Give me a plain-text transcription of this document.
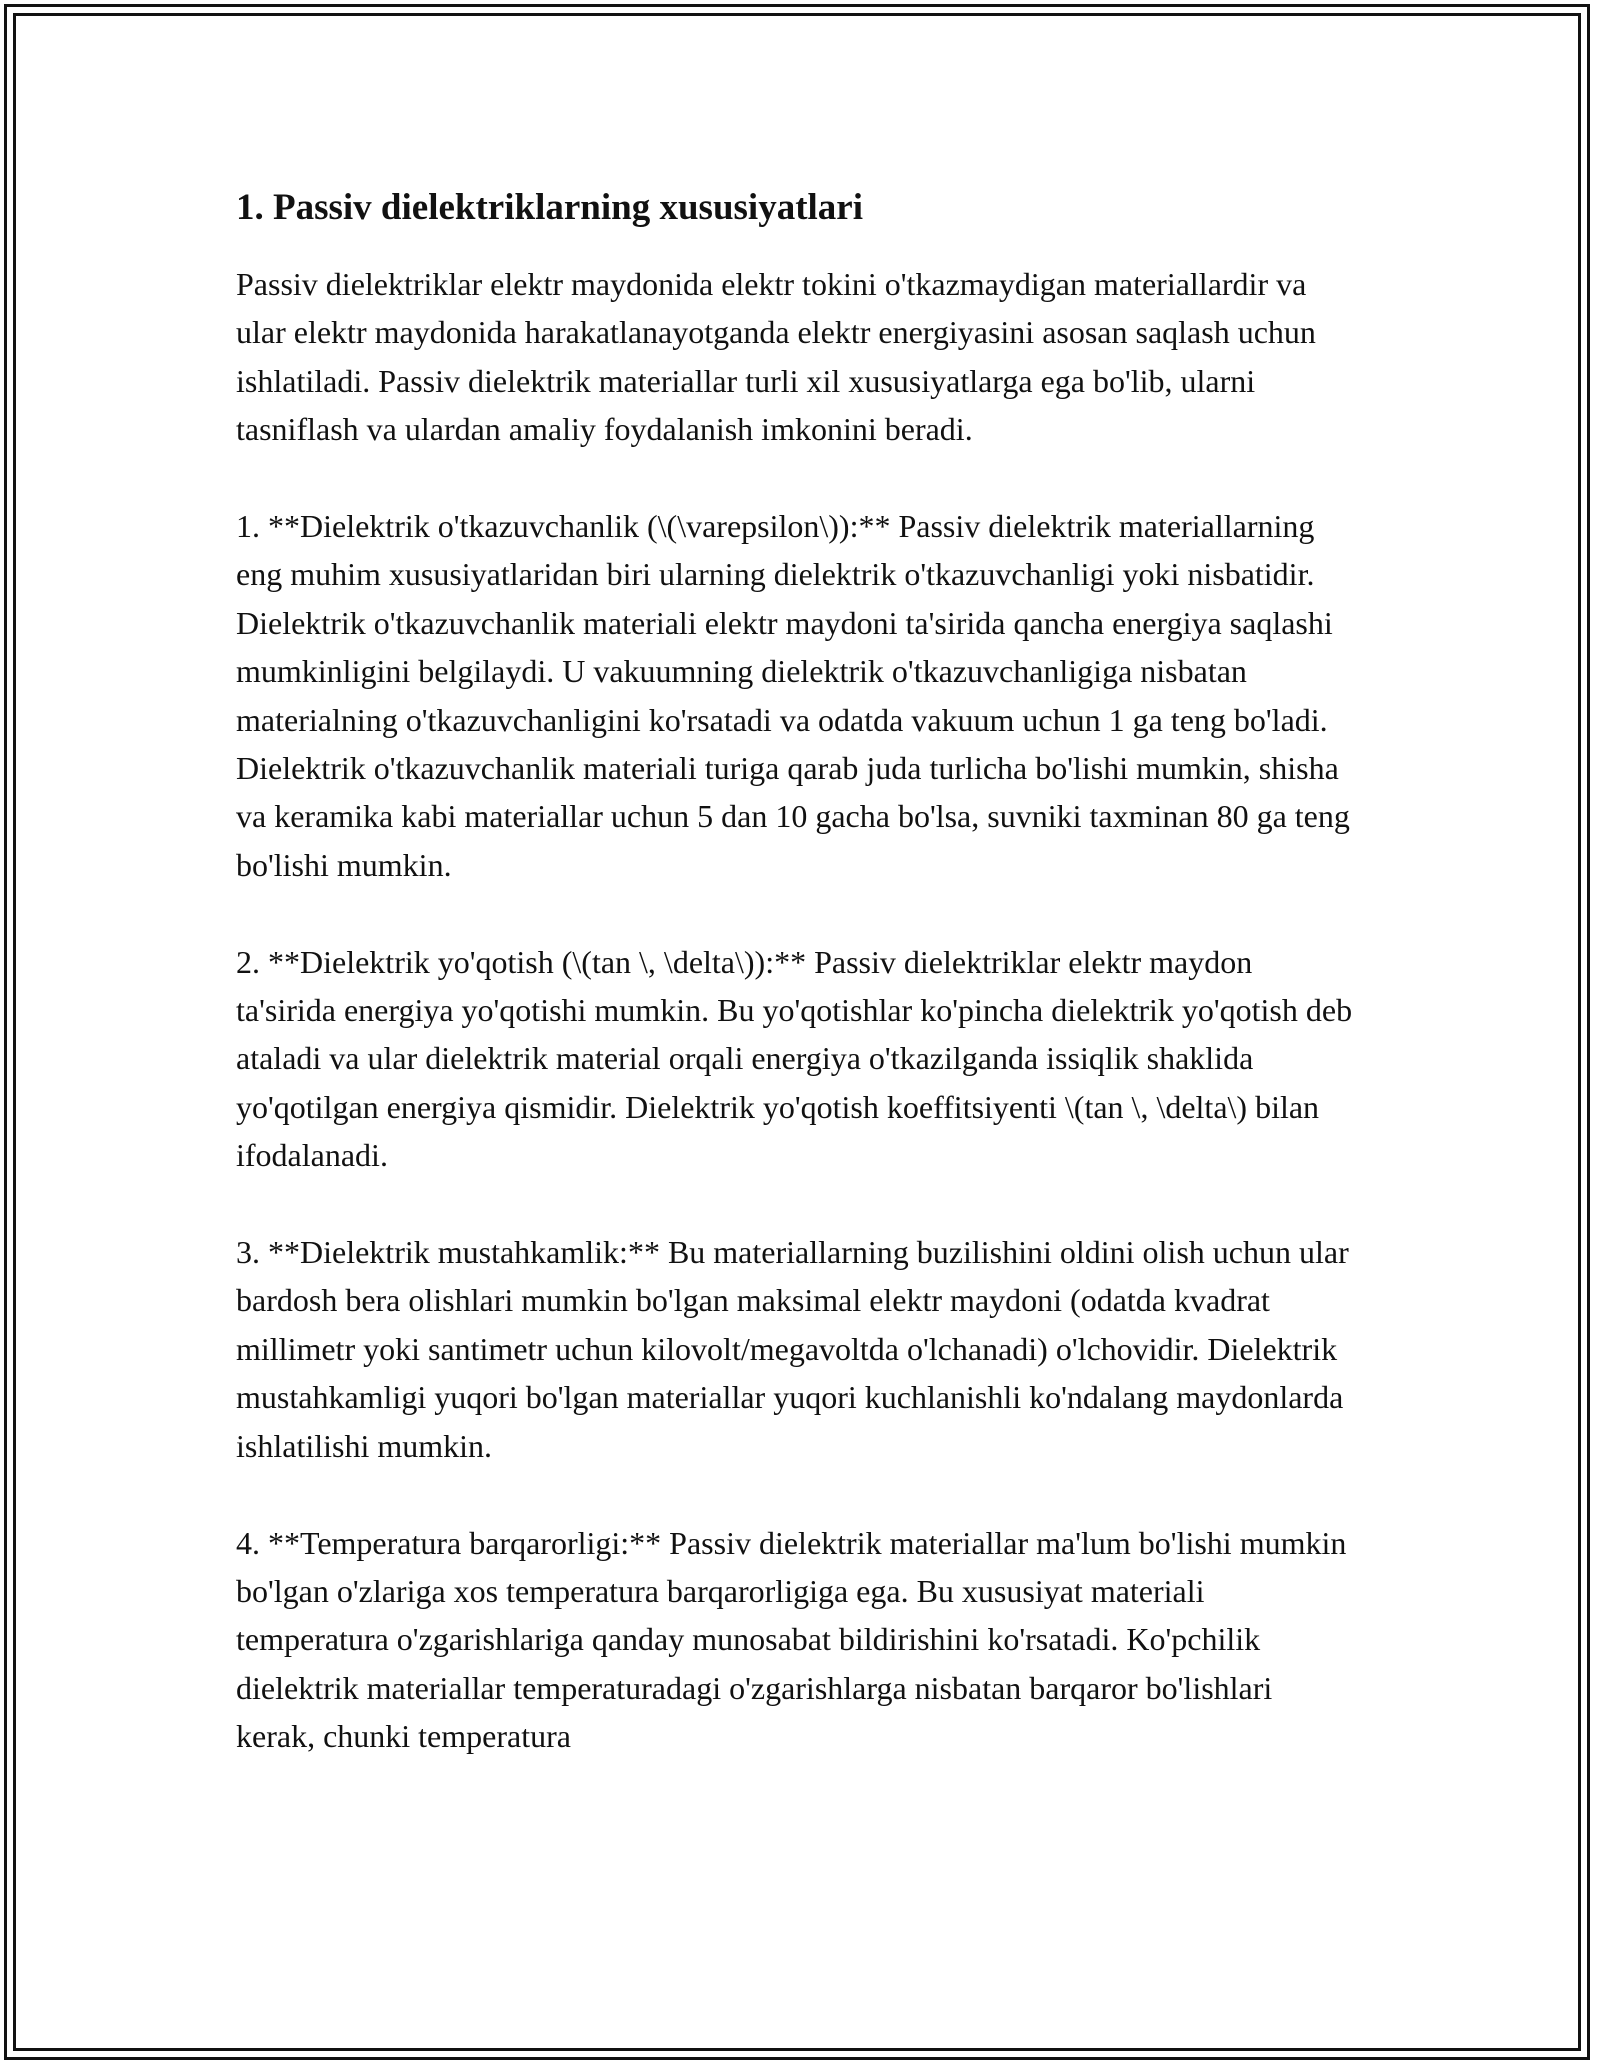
1. Passiv dielektriklarning xususiyatlari

Passiv dielektriklar elektr maydonida elektr tokini o'tkazmaydigan materiallardir va ular elektr maydonida harakatlanayotganda elektr energiyasini asosan saqlash uchun ishlatiladi. Passiv dielektrik materiallar turli xil xususiyatlarga ega bo'lib, ularni tasniflash va ulardan amaliy foydalanish imkonini beradi.

1. **Dielektrik o'tkazuvchanlik (\(\varepsilon\)):** Passiv dielektrik materiallarning eng muhim xususiyatlaridan biri ularning dielektrik o'tkazuvchanligi yoki nisbatidir. Dielektrik o'tkazuvchanlik materiali elektr maydoni ta'sirida qancha energiya saqlashi mumkinligini belgilaydi. U vakuumning dielektrik o'tkazuvchanligiga nisbatan materialning o'tkazuvchanligini ko'rsatadi va odatda vakuum uchun 1 ga teng bo'ladi. Dielektrik o'tkazuvchanlik materiali turiga qarab juda turlicha bo'lishi mumkin, shisha va keramika kabi materiallar uchun 5 dan 10 gacha bo'lsa, suvniki taxminan 80 ga teng bo'lishi mumkin.

2. **Dielektrik yo'qotish (\(tan \, \delta\)):** Passiv dielektriklar elektr maydon ta'sirida energiya yo'qotishi mumkin. Bu yo'qotishlar ko'pincha dielektrik yo'qotish deb ataladi va ular dielektrik material orqali energiya o'tkazilganda issiqlik shaklida yo'qotilgan energiya qismidir. Dielektrik yo'qotish koeffitsiyenti \(tan \, \delta\) bilan ifodalanadi.

3. **Dielektrik mustahkamlik:** Bu materiallarning buzilishini oldini olish uchun ular bardosh bera olishlari mumkin bo'lgan maksimal elektr maydoni (odatda kvadrat millimetr yoki santimetr uchun kilovolt/megavoltda o'lchanadi) o'lchovidir. Dielektrik mustahkamligi yuqori bo'lgan materiallar yuqori kuchlanishli ko'ndalang maydonlarda ishlatilishi mumkin.

4. **Temperatura barqarorligi:** Passiv dielektrik materiallar ma'lum bo'lishi mumkin bo'lgan o'zlariga xos temperatura barqarorligiga ega. Bu xususiyat materiali temperatura o'zgarishlariga qanday munosabat bildirishini ko'rsatadi. Ko'pchilik dielektrik materiallar temperaturadagi o'zgarishlarga nisbatan barqaror bo'lishlari kerak, chunki temperatura
